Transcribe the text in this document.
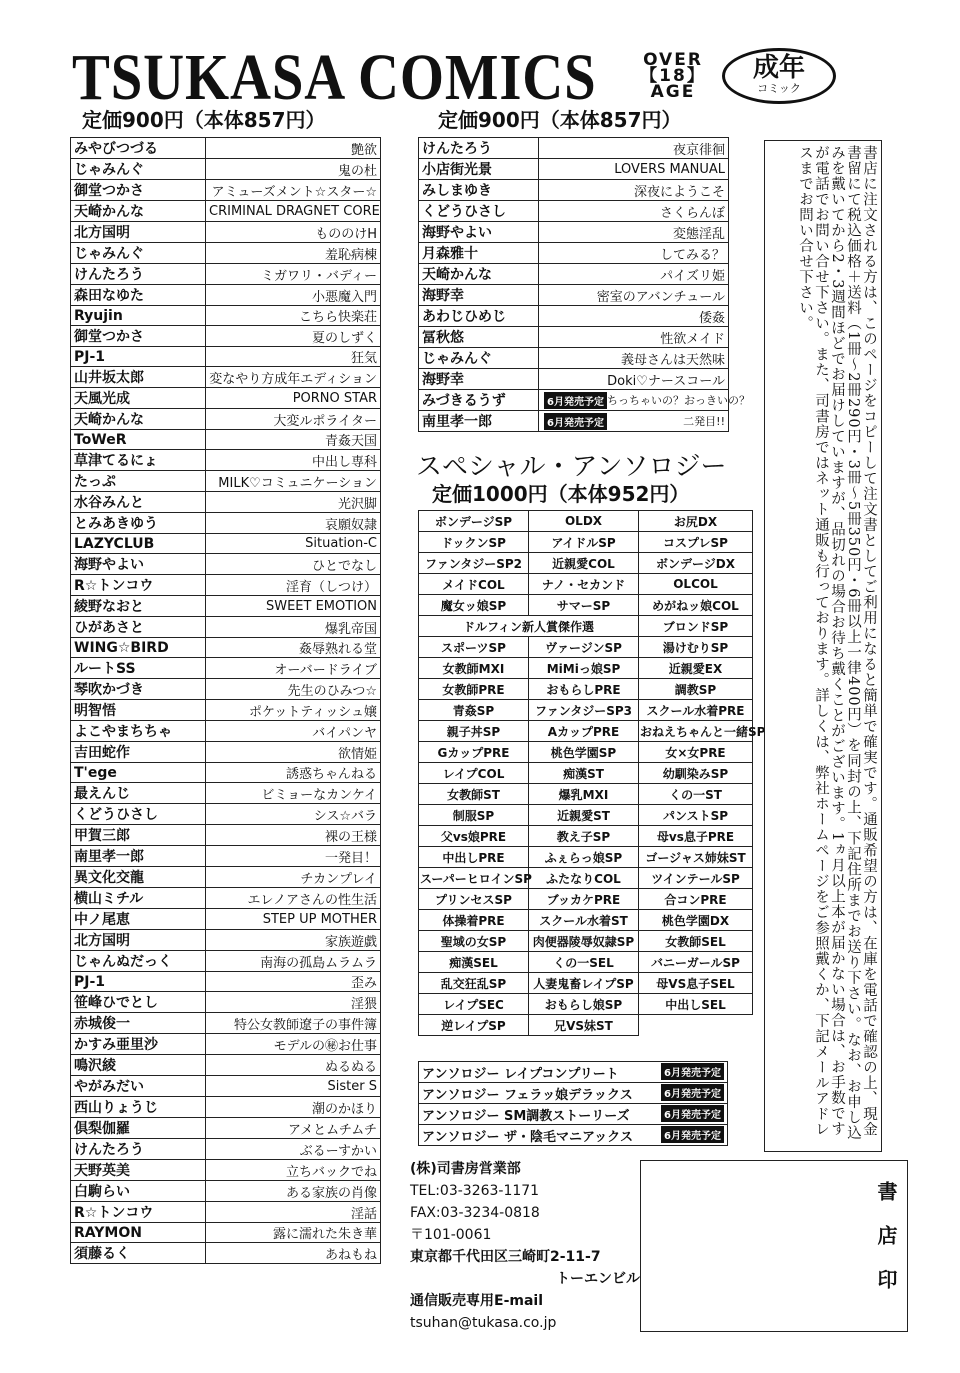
TSUKASA COMICS	OVER
【18】
AGE
成年
コミック
定価900円（本体857円）	定価900円（本体857円）
みやびつづる	艶欲
じゃみんぐ	鬼の杜
御堂つかさ	アミューズメント☆スター☆
天崎かんな	CRIMINAL DRAGNET CORE
北方国明	もののけH
じゃみんぐ	羞恥病棟
けんたろう	ミガワリ・バディー
森田なゆた	小悪魔入門
Ryujin	こちら快楽荘
御堂つかさ	夏のしずく
PJ-1	狂気
山井坂太郎	変なやり方成年エディション
天風光成	PORNO STAR
天崎かんな	大変ルポライター
ToWeR	青姦天国
草津てるにょ	中出し専科
たっぷ	MILK♡コミュニケーション
水谷みんと	光沢脚
とみあきゆう	哀願奴隷
LAZYCLUB	Situation-C
海野やよい	ひとでなし
R☆トンコウ	淫育（しつけ）
綾野なおと	SWEET EMOTION
ひがあさと	爆乳帝国
WING☆BIRD	姦辱熟れる堂
ルートSS	オーバードライブ
琴吹かづき	先生のひみつ☆
明智悟	ポケットティッシュ嬢
よこやまちちゃ	バイパンヤ
吉田蛇作	欲情姫
T'ege	誘惑ちゃんねる
最えんじ	ビミョーなカンケイ
くどうひさし	シス☆バラ
甲賀三郎	裸の王様
南里孝一郎	一発目！
異文化交龍	チカンプレイ
横山ミチル	エレノアさんの性生活
中ノ尾恵	STEP UP MOTHER
北方国明	家族遊戯
じゃんぬだっく	南海の孤島ムラムラ
PJ-1	歪み
笹峰ひでとし	淫猥
赤城俊一	特公女教師遼子の事件簿
かすみ亜里沙	モデルの㊙お仕事
鳴沢綾	ぬるぬる
やがみだい	Sister S
西山りょうじ	潮のかほり
倶梨伽羅	アメとムチムチ
けんたろう	ぶるーすかい
天野英美	立ちバックでね
白駒らい	ある家族の肖像
R☆トンコウ	淫話
RAYMON	露に濡れた朱き華
須藤るく	あねもね
けんたろう	夜京徘徊
小店街光景	LOVERS MANUAL
みしまゆき	深夜にようこそ
くどうひさし	さくらんぼ
海野やよい	変態淫乱
月森雅十	してみる？
天崎かんな	パイズリ姫
海野幸	密室のアバンチュール
あわじひめじ	倭姦
冨秋悠	性欲メイド
じゃみんぐ	義母さんは天然味
海野幸	Doki♡ナースコール
みづきるうず	6月発売予定 ちっちゃいの？おっきいの？
南里孝一郎	6月発売予定 二発目!!
スペシャル・アンソロジー
定価1000円（本体952円）
ボンデージSP	OLDX	お尻DX
ドックンSP	アイドルSP	コスプレSP
ファンタジーSP2	近親愛COL	ボンデージDX
メイドCOL	ナノ・セカンド	OLCOL
魔女ッ娘SP	サマーSP	めがねッ娘COL
ドルフィン新人賞傑作選		ブロンドSP
スポーツSP	ヴァージンSP	湯けむりSP
女教師MXI	MiMiっ娘SP	近親愛EX
女教師PRE	おもらしPRE	調教SP
青姦SP	ファンタジーSP3	スクール水着PRE
親子丼SP	AカップPRE	おねえちゃんと一緒SP
GカップPRE	桃色学園SP	女×女PRE
レイプCOL	痴漢ST	幼馴染みSP
女教師ST	爆乳MXI	くの一ST
制服SP	近親愛ST	パンストSP
父vs娘PRE	教え子SP	母vs息子PRE
中出しPRE	ふぇらっ娘SP	ゴージャス姉妹ST
スーパーヒロインSP	ふたなりCOL	ツインテールSP
プリンセスSP	ブッカケPRE	合コンPRE
体操着PRE	スクール水着ST	桃色学園DX
聖域の女SP	肉便器陵辱奴隷SP	女教師SEL
痴漢SEL	くの一SEL	バニーガールSP
乱交狂乱SP	人妻鬼畜レイプSP	母VS息子SEL
レイプSEC	おもらし娘SP	中出しSEL
逆レイプSP	兄VS妹ST	
アンソロジー レイプコンプリート	6月発売予定

アンソロジー フェラッ娘デラックス	6月発売予定

アンソロジー SM調教ストーリーズ	6月発売予定

アンソロジー ザ・陰毛マニアックス	6月発売予定	書店に注文される方は、このページをコピーして注文書としてご利用になると簡単で確実です。通販希望の方は、在庫を電話で確認の上、現金書留にて税込価格＋送料（1冊〜2冊290円・3冊〜5冊350円・6冊以上一律400円）を同封の上、下記住所までお送り下さい。なお、お申し込みを戴いてから2・3週間ほどでお届けしていますが、品切れの場合お待ち戴くことがございます。1ヵ月以上本が届かない場合は、お手数ですが電話でお問い合せ下さい。また、司書房ではネット通販も行っております。詳しくは、弊社ホームページをご参照戴くか、下記メールアドレスまでお問い合せ下さい。
(株)司書房営業部
TEL:03-3263-1171
FAX:03-3234-0818
〒101-0061
東京都千代田区三崎町2-11-7
トーエンビル
通信販売専用E-mail
tsuhan@tukasa.co.jp
書店印
